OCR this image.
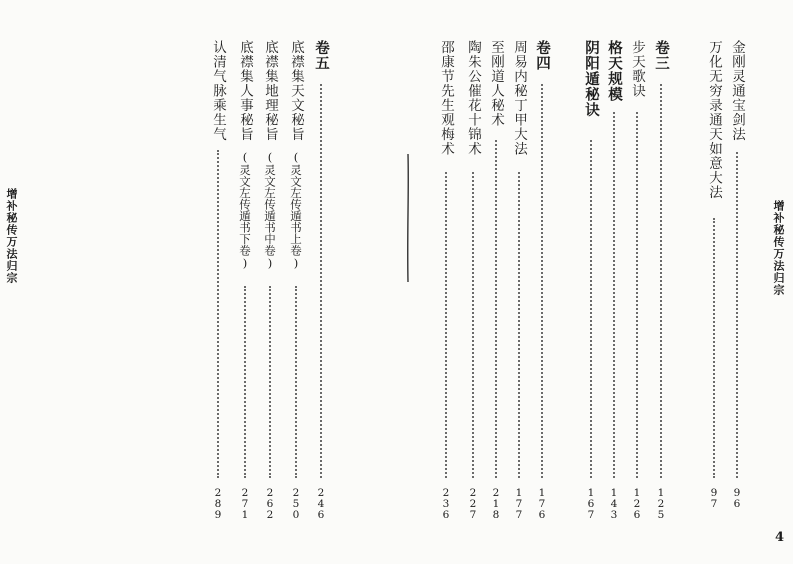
增补秘传万法归宗	增补秘传万法归宗
4
金刚灵通宝剑法
9
6
万化无穷录通天如意大法
9
7
卷三
1
2
5
步天歌诀
1
2
6
格天规模
1
4
3
阴阳遁秘诀
1
6
7
卷四
1
7
6
周易内秘丁甲大法
1
7
7
至刚道人秘术
2
1
8
陶朱公催花十锦术
2
2
7
邵康节先生观梅术
2
3
6
卷五
2
4
6
底襟集天文秘旨
(灵文左传遁书上卷)
2
5
0
底襟集地理秘旨
(灵文左传遁书中卷)
2
6
2
底襟集人事秘旨
(灵文左传遁书下卷)
2
7
1
认清气脉乘生气
2
8
9
